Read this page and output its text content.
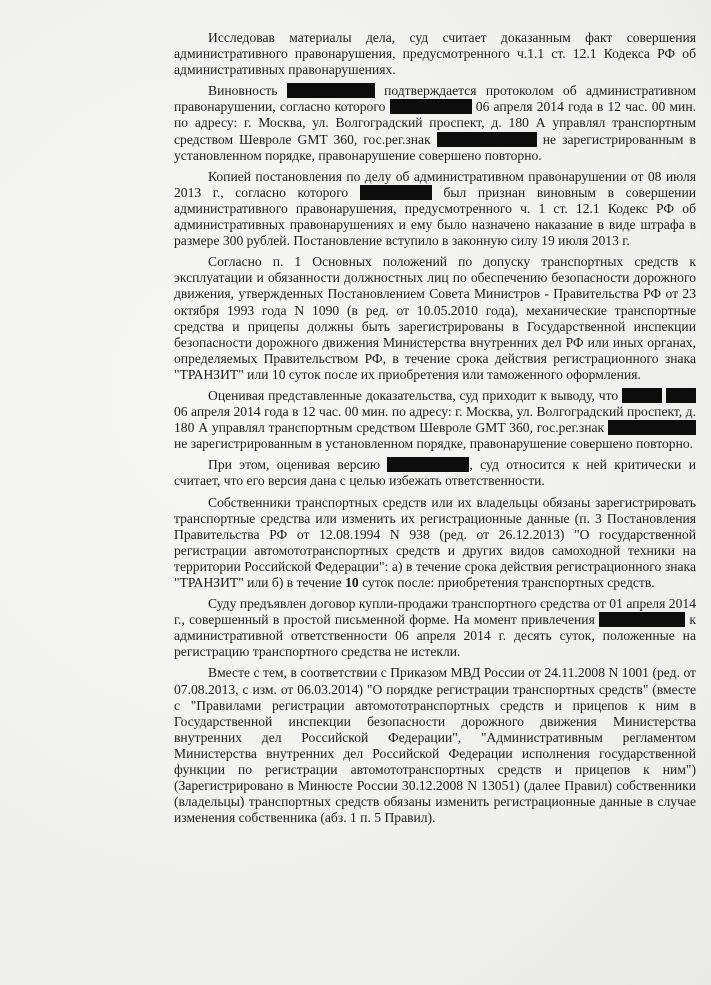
Исследовав материалы дела, суд считает доказанным факт совершения административного правонарушения, предусмотренного ч.1.1 ст. 12.1 Кодекса РФ об административных правонарушениях.

Виновность	подтверждается протоколом об административном правонарушении, согласно которого	06 апреля 2014 года в 12 час. 00 мин. по адресу: г. Москва, ул. Волгоградский проспект, д. 180 А управлял транспортным средством Шевроле GMT 360, гос.рег.знак	не зарегистрированным в установленном порядке, правонарушение совершено повторно.

Копией постановления по делу об административном правонарушении от 08 июля 2013 г., согласно которого	был признан виновным в совершении административного правонарушения, предусмотренного ч. 1 ст. 12.1 Кодекс РФ об административных правонарушениях и ему было назначено наказание в виде штрафа в размере 300 рублей. Постановление вступило в законную силу 19 июля 2013 г.

Согласно п. 1 Основных положений по допуску транспортных средств к эксплуатации и обязанности должностных лиц по обеспечению безопасности дорожного движения, утвержденных Постановлением Совета Министров - Правительства РФ от 23 октября 1993 года N 1090 (в ред. от 10.05.2010 года), механические транспортные средства и прицепы должны быть зарегистрированы в Государственной инспекции безопасности дорожного движения Министерства внутренних дел РФ или иных органах, определяемых Правительством РФ, в течение срока действия регистрационного знака "ТРАНЗИТ" или 10 суток после их приобретения или таможенного оформления.

Оценивая представленные доказательства, суд приходит к выводу, что   06 апреля 2014 года в 12 час. 00 мин. по адресу: г. Москва, ул. Волгоградский проспект, д. 180 А управлял транспортным средством Шевроле GMT 360, гос.рег.знак  не зарегистрированным в установленном порядке, правонарушение совершено повторно.

При этом, оценивая версию	, суд относится к ней критически и считает, что его версия дана с целью избежать ответственности.

Собственники транспортных средств или их владельцы обязаны зарегистрировать транспортные средства или изменить их регистрационные данные (п. 3 Постановления Правительства РФ от 12.08.1994 N 938 (ред. от 26.12.2013) "О государственной регистрации автомототранспортных средств и других видов самоходной техники на территории Российской Федерации": а) в течение срока действия регистрационного знака "ТРАНЗИТ" или б) в течение 10 суток после: приобретения транспортных средств.

Суду предъявлен договор купли-продажи транспортного средства от 01 апреля 2014 г., совершенный в простой письменной форме. На момент привлечения	к административной ответственности 06 апреля 2014 г. десять суток, положенные на регистрацию транспортного средства не истекли.

Вместе с тем, в соответствии с Приказом МВД России от 24.11.2008 N 1001 (ред. от 07.08.2013, с изм. от 06.03.2014) "О порядке регистрации транспортных средств" (вместе с "Правилами регистрации автомототранспортных средств и прицепов к ним в Государственной инспекции безопасности дорожного движения Министерства внутренних дел Российской Федерации", "Административным регламентом Министерства внутренних дел Российской Федерации исполнения государственной функции по регистрации автомототранспортных средств и прицепов к ним") (Зарегистрировано в Минюсте России 30.12.2008 N 13051) (далее Правил) собственники (владельцы) транспортных средств обязаны изменить регистрационные данные в случае изменения собственника (абз. 1 п. 5 Правил).
